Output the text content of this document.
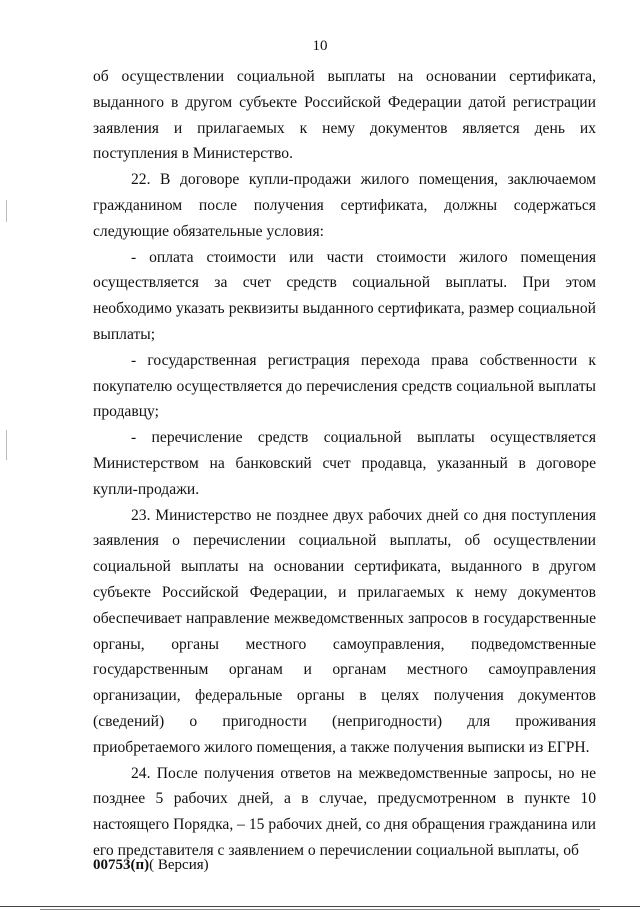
10

об осуществлении социальной выплаты на основании сертификата, выданного в другом субъекте Российской Федерации датой регистрации заявления и прилагаемых к нему документов является день их поступления в Министерство.

22. В договоре купли-продажи жилого помещения, заключаемом гражданином после получения сертификата, должны содержаться следующие обязательные условия:

- оплата стоимости или части стоимости жилого помещения осуществляется за счет средств социальной выплаты. При этом необходимо указать реквизиты выданного сертификата, размер социальной выплаты;

- государственная регистрация перехода права собственности к покупателю осуществляется до перечисления средств социальной выплаты продавцу;

- перечисление средств социальной выплаты осуществляется Министерством на банковский счет продавца, указанный в договоре купли-продажи.

23. Министерство не позднее двух рабочих дней со дня поступления заявления о перечислении социальной выплаты, об осуществлении социальной выплаты на основании сертификата, выданного в другом субъекте Российской Федерации, и прилагаемых к нему документов обеспечивает направление межведомственных запросов в государственные органы, органы местного самоуправления, подведомственные государственным органам и органам местного самоуправления организации, федеральные органы в целях получения документов (сведений) о пригодности (непригодности) для проживания приобретаемого жилого помещения, а также получения выписки из ЕГРН.

24. После получения ответов на межведомственные запросы, но не позднее 5 рабочих дней, а в случае, предусмотренном в пункте 10 настоящего Порядка, – 15 рабочих дней, со дня обращения гражданина или его представителя с заявлением о перечислении социальной выплаты, об

00753(п)( Версия)
